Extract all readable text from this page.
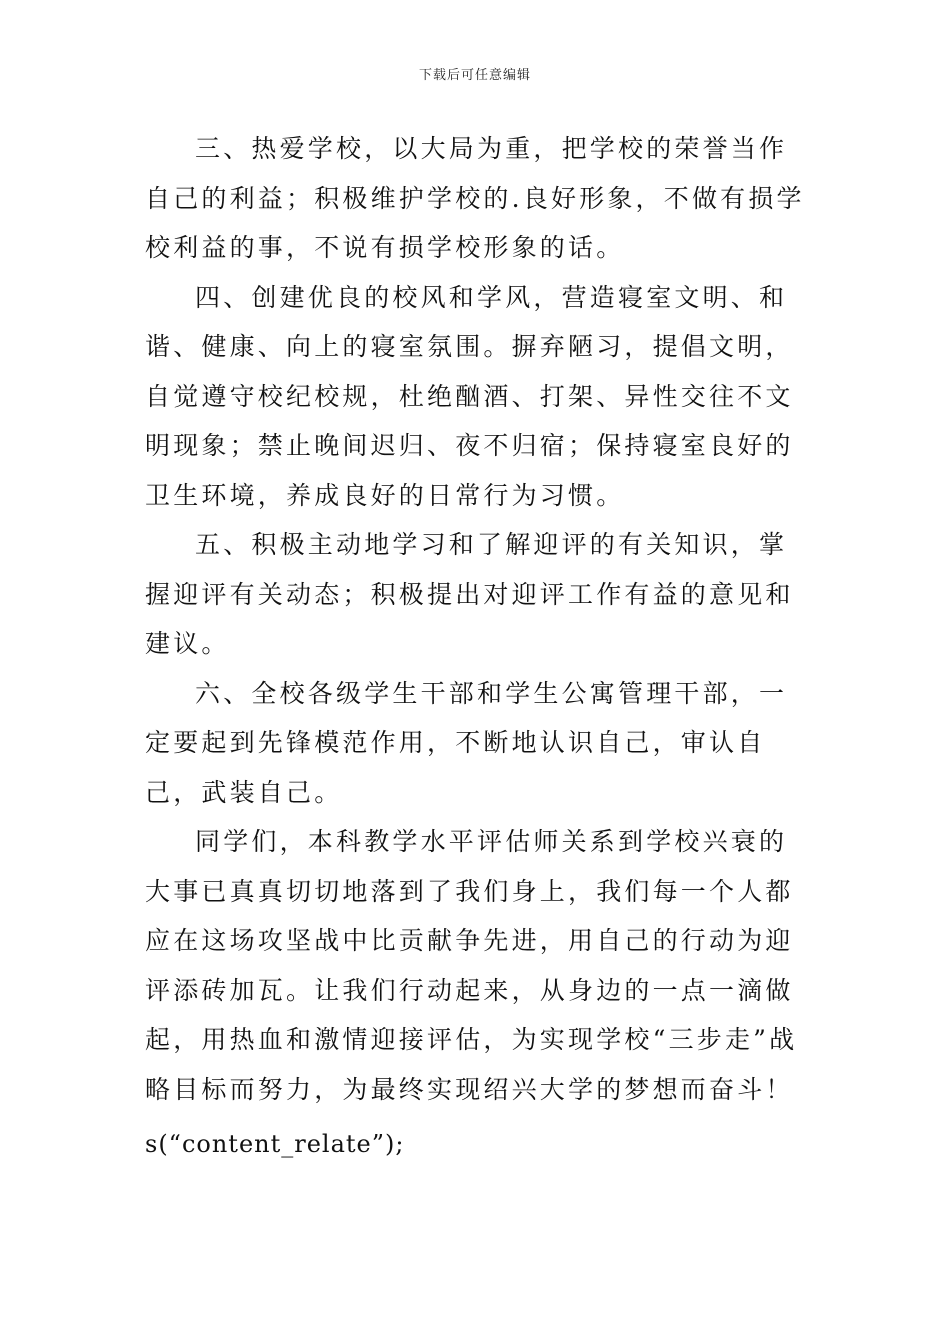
下载后可任意编辑

三、热爱学校，以大局为重，把学校的荣誉当作自己的利益；积极维护学校的.良好形象，不做有损学校利益的事，不说有损学校形象的话。

四、创建优良的校风和学风，营造寝室文明、和谐、健康、向上的寝室氛围。摒弃陋习，提倡文明，自觉遵守校纪校规，杜绝酗酒、打架、异性交往不文明现象；禁止晚间迟归、夜不归宿；保持寝室良好的卫生环境，养成良好的日常行为习惯。

五、积极主动地学习和了解迎评的有关知识，掌握迎评有关动态；积极提出对迎评工作有益的意见和建议。

六、全校各级学生干部和学生公寓管理干部，一定要起到先锋模范作用，不断地认识自己，审认自己，武装自己。

同学们，本科教学水平评估师关系到学校兴衰的大事已真真切切地落到了我们身上，我们每一个人都应在这场攻坚战中比贡献争先进，用自己的行动为迎评添砖加瓦。让我们行动起来，从身边的一点一滴做起，用热血和激情迎接评估，为实现学校“三步走”战略目标而努力，为最终实现绍兴大学的梦想而奋斗！

s(“content_relate”);
